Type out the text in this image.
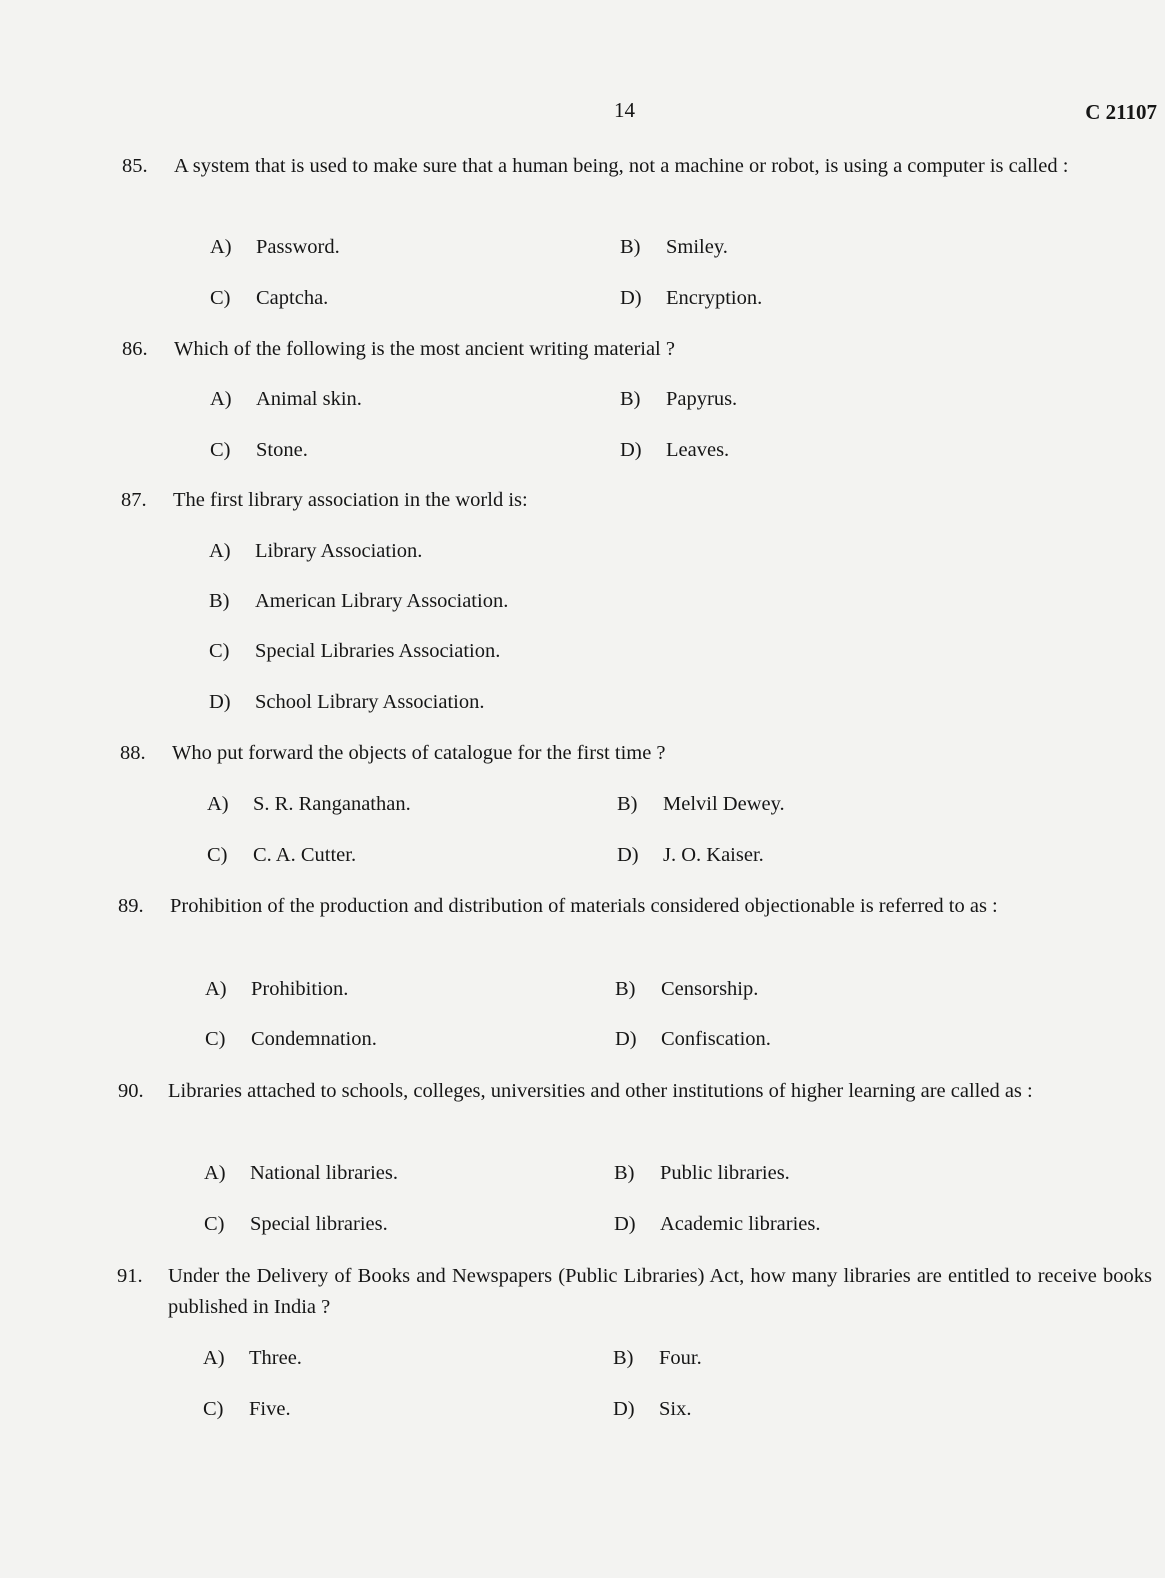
14	C 21107
85. A system that is used to make sure that a human being, not a machine or robot, is using a computer is called :
A) Password.	B) Smiley.
C) Captcha.	D) Encryption.
86. Which of the following is the most ancient writing material ?
A) Animal skin.	B) Papyrus.
C) Stone.	D) Leaves.
87. The first library association in the world is:
A) Library Association.
B) American Library Association.
C) Special Libraries Association.
D) School Library Association.
88. Who put forward the objects of catalogue for the first time ?
A) S. R. Ranganathan.	B) Melvil Dewey.
C) C. A. Cutter.	D) J. O. Kaiser.
89. Prohibition of the production and distribution of materials considered objectionable is referred to as :
A) Prohibition.	B) Censorship.
C) Condemnation.	D) Confiscation.
90. Libraries attached to schools, colleges, universities and other institutions of higher learning are called as :
A) National libraries.	B) Public libraries.
C) Special libraries.	D) Academic libraries.
91. Under the Delivery of Books and Newspapers (Public Libraries) Act, how many libraries are entitled to receive books published in India ?
A) Three.	B) Four.
C) Five.	D) Six.
